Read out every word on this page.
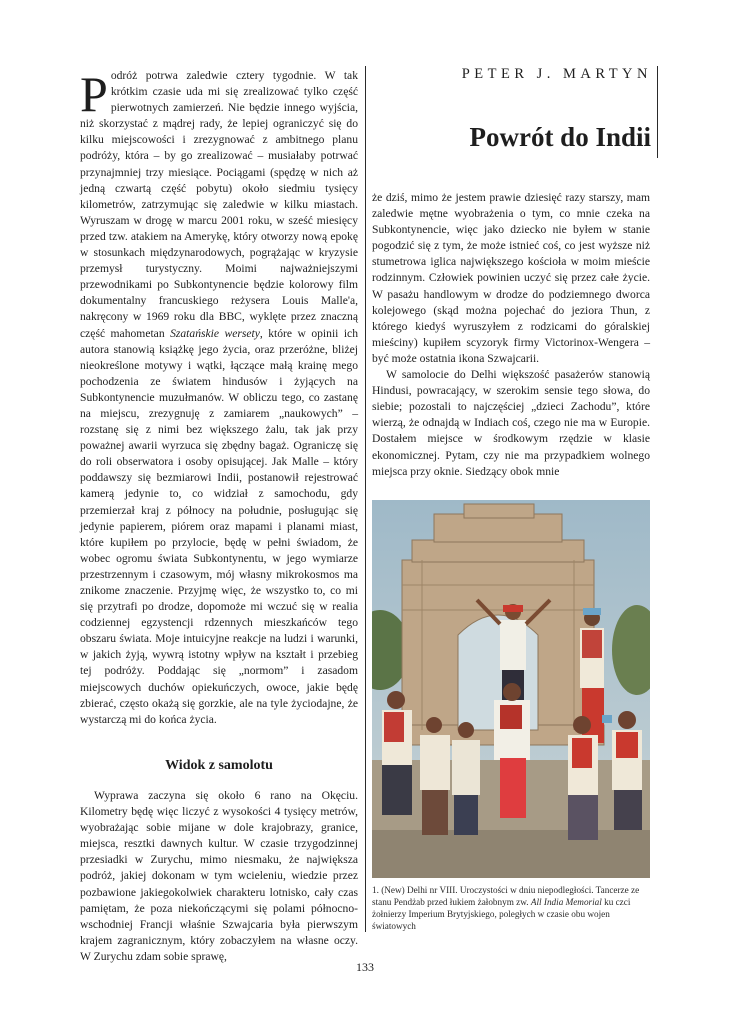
Podróż potrwa zaledwie cztery tygodnie. W tak krótkim czasie uda mi się zrealizować tylko część pierwotnych zamierzeń. Nie będzie innego wyjścia, niż skorzystać z mądrej rady, że lepiej ograniczyć się do kilku miejscowości i zrezygnować z ambitnego planu podróży, która – by go zrealizować – musiałaby potrwać przynajmniej trzy miesiące. Pociągami (spędzę w nich aż jedną czwartą część pobytu) około siedmiu tysięcy kilometrów, zatrzymując się zaledwie w kilku miastach. Wyruszam w drogę w marcu 2001 roku, w sześć miesięcy przed tzw. atakiem na Amerykę, który otworzy nową epokę w stosunkach międzynarodowych, pogrążając w kryzysie przemysł turystyczny. Moimi najważniejszymi przewodnikami po Subkontynencie będzie kolorowy film dokumentalny francuskiego reżysera Louis Malle'a, nakręcony w 1969 roku dla BBC, wyklęte przez znaczną część mahometan Szatańskie wersety, które w opinii ich autora stanowią książkę jego życia, oraz przeróżne, bliżej nieokreślone motywy i wątki, łączące małą krainę mego pochodzenia ze światem hindusów i żyjących na Subkontynencie muzułmanów. W obliczu tego, co zastanę na miejscu, zrezygnuję z zamiarem „naukowych” – rozstanę się z nimi bez większego żalu, tak jak przy poważnej awarii wyrzuca się zbędny bagaż. Ograniczę się do roli obserwatora i osoby opisującej. Jak Malle – który poddawszy się bezmiarowi Indii, postanowił rejestrować kamerą jedynie to, co widział z samochodu, gdy przemierzał kraj z północy na południe, posługując się jedynie papierem, piórem oraz mapami i planami miast, które kupiłem po przylocie, będę w pełni świadom, że wobec ogromu świata Subkontynentu, w jego wymiarze przestrzennym i czasowym, mój własny mikrokosmos ma znikome znaczenie. Przyjmę więc, że wszystko to, co mi się przytrafi po drodze, dopomoże mi wczuć się w realia codziennej egzystencji rdzennych mieszkańców tego obszaru świata. Moje intuicyjne reakcje na ludzi i warunki, w jakich żyją, wywrą istotny wpływ na kształt i przebieg tej podróży. Poddając się „normom” i zasadom miejscowych duchów opiekuńczych, owoce, jakie będę zbierać, często okażą się gorzkie, ale na tyle życiodajne, że wystarczą mi do końca życia.

Widok z samolotu

Wyprawa zaczyna się około 6 rano na Okęciu. Kilometry będę więc liczyć z wysokości 4 tysięcy metrów, wyobrażając sobie mijane w dole krajobrazy, granice, miejsca, resztki dawnych kultur. W czasie trzygodzinnej przesiadki w Zurychu, mimo niesmaku, że największa podróż, jakiej dokonam w tym wcieleniu, wiedzie przez pozbawione jakiegokolwiek charakteru lotnisko, cały czas pamiętam, że poza niekończącymi się polami północno-wschodniej Francji właśnie Szwajcaria była pierwszym krajem zagranicznym, który zobaczyłem na własne oczy. W Zurychu zdam sobie sprawę,

PETER J. MARTYN
Powrót do Indii

że dziś, mimo że jestem prawie dziesięć razy starszy, mam zaledwie mętne wyobrażenia o tym, co mnie czeka na Subkontynencie, więc jako dziecko nie byłem w stanie pogodzić się z tym, że może istnieć coś, co jest wyższe niż stumetrowa iglica największego kościoła w moim mieście rodzinnym. Człowiek powinien uczyć się przez całe życie. W pasażu handlowym w drodze do podziemnego dworca kolejowego (skąd można pojechać do jeziora Thun, z którego kiedyś wyruszyłem z rodzicami do góralskiej mieściny) kupiłem scyzoryk firmy Victorinox-Wengera – być może ostatnia ikona Szwajcarii.

W samolocie do Delhi większość pasażerów stanowią Hindusi, powracający, w szerokim sensie tego słowa, do siebie; pozostali to najczęściej „dzieci Zachodu”, które wierzą, że odnajdą w Indiach coś, czego nie ma w Europie. Dostałem miejsce w środkowym rzędzie w klasie ekonomicznej. Pytam, czy nie ma przypadkiem wolnego miejsca przy oknie. Siedzący obok mnie

1. (New) Delhi nr VIII. Uroczystości w dniu niepodległości. Tancerze ze stanu Pendżab przed łukiem żałobnym zw. All India Memorial ku czci żołnierzy Imperium Brytyjskiego, poległych w czasie obu wojen światowych
133
